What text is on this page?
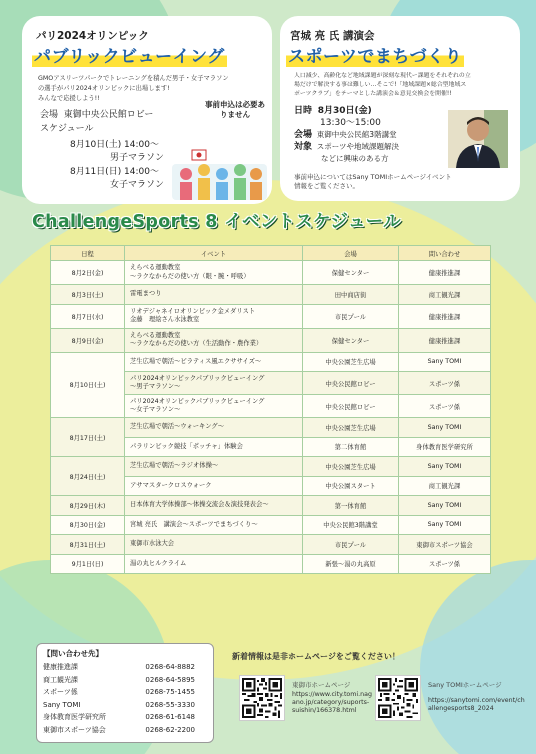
パリ2024オリンピック
パブリックビューイング
GMOアスリーツパークでトレーニングを積んだ男子・女子マラソン
の選手がパリ2024オリンピックに出場します!
みんなで応援しよう!!
事前申込は必要ありません
会場 東御中央公民館ロビー
スケジュール
8月10日(土) 14:00～
男子マラソン
8月11日(日) 14:00～
女子マラソン
宮城 亮 氏 講演会
スポーツでまちづくり
人口減少、高齢化など地域課題が深刻な現代ー課題をそれぞれの立
場だけで解決する事は難しい…そこで!「地域課題×総合型地域ス
ポーツクラブ」をテーマとした講演会＆意見交換会を開催!!
日時 8月30日(金)
13:30～15:00
会場 東御中央公民館3階講堂
対象 スポーツや地域課題解決
などに興味のある方
事前申込についてはSany TOMIホームページイベント
情報をご覧ください。
ChallengeSports 8 イベントスケジュール
日程	イベント	会場	問い合わせ
8月2日(金)	えらべる運動教室
～ラクなからだの使い方（眼・腕・呼吸）	保健センター	健康推進課
8月3日(土)	雷電まつり	田中商店街	商工観光課
8月7日(水)	リオデジャネイロオリンピック金メダリスト
金藤　理絵さん水泳教室	市民プール	健康推進課
8月9日(金)	えらべる運動教室
～ラクなからだの使い方（生活動作・農作業）	保健センター	健康推進課
8月10日(土)	芝生広場で朝活～ピラティス風エクササイズ～	中央公園芝生広場	Sany TOMI
	パリ2024オリンピックパブリックビューイング
～男子マラソン～	中央公民館ロビー	スポーツ係
	パリ2024オリンピックパブリックビューイング
～女子マラソン～	中央公民館ロビー	スポーツ係
8月17日(土)	芝生広場で朝活～ウォーキング～	中央公園芝生広場	Sany TOMI
	パラリンピック競技「ボッチャ」体験会	第二体育館	身体教育医学研究所
8月24日(土)	芝生広場で朝活～ラジオ体操～	中央公園芝生広場	Sany TOMI
	アサマスタークロスウォーク	中央公園スタート	商工観光課
8月29日(木)	日本体育大学体操部～体操交流会＆演技発表会～	第一体育館	Sany TOMI
8月30日(金)	宮城 亮氏　講演会～スポーツでまちづくり～	中央公民館3階講堂	Sany TOMI
8月31日(土)	東御市水泳大会	市民プール	東御市スポーツ協会
9月1日(日)	湯の丸ヒルクライム	新張～湯の丸高原	スポーツ係
【問い合わせ先】
健康推進課	0268-64-8882
商工観光課	0268-64-5895
スポーツ係	0268-75-1455
Sany TOMI	0268-55-3330
身体教育医学研究所	0268-61-6148
東御市スポーツ協会	0268-62-2200
新着情報は是非ホームページをご覧ください！
東御市ホームページ
https://www.city.tomi.nagano.jp/category/suports-suishin/166378.html
Sany TOMIホームページ
https://sanytomi.com/event/challengesports8_2024
